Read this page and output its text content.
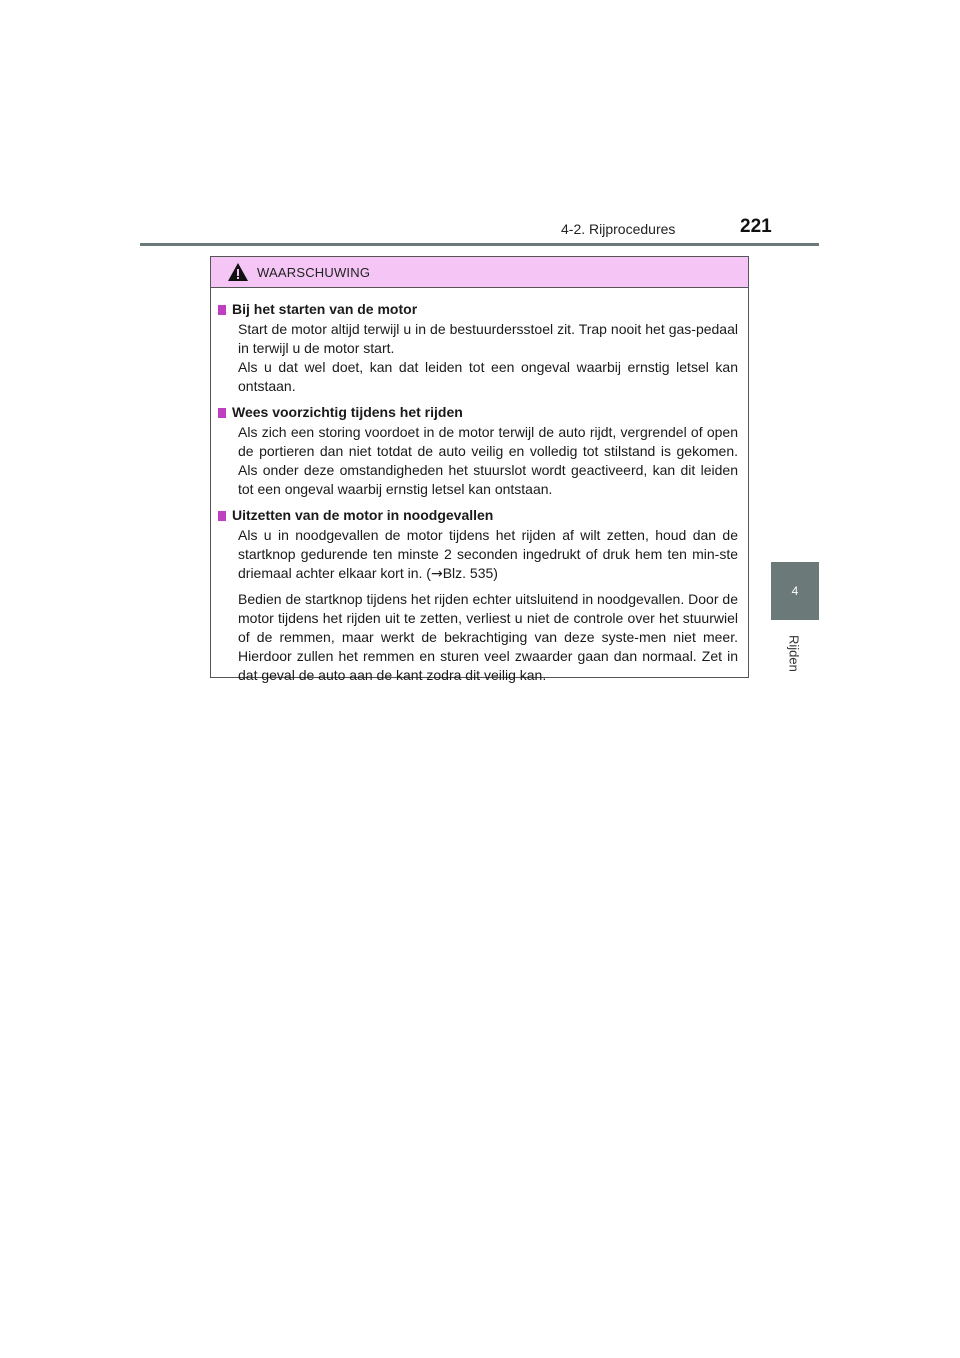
4-2. Rijprocedures	221
4
Rijden
WAARSCHUWING
Bij het starten van de motor

Start de motor altijd terwijl u in de bestuurdersstoel zit. Trap nooit het gas-pedaal in terwijl u de motor start.

Als u dat wel doet, kan dat leiden tot een ongeval waarbij ernstig letsel kan ontstaan.

Wees voorzichtig tijdens het rijden

Als zich een storing voordoet in de motor terwijl de auto rijdt, vergrendel of open de portieren dan niet totdat de auto veilig en volledig tot stilstand is gekomen. Als onder deze omstandigheden het stuurslot wordt geactiveerd, kan dit leiden tot een ongeval waarbij ernstig letsel kan ontstaan.

Uitzetten van de motor in noodgevallen

Als u in noodgevallen de motor tijdens het rijden af wilt zetten, houd dan de startknop gedurende ten minste 2 seconden ingedrukt of druk hem ten min-ste driemaal achter elkaar kort in. (→Blz. 535)

Bedien de startknop tijdens het rijden echter uitsluitend in noodgevallen. Door de motor tijdens het rijden uit te zetten, verliest u niet de controle over het stuurwiel of de remmen, maar werkt de bekrachtiging van deze syste-men niet meer. Hierdoor zullen het remmen en sturen veel zwaarder gaan dan normaal. Zet in dat geval de auto aan de kant zodra dit veilig kan.
